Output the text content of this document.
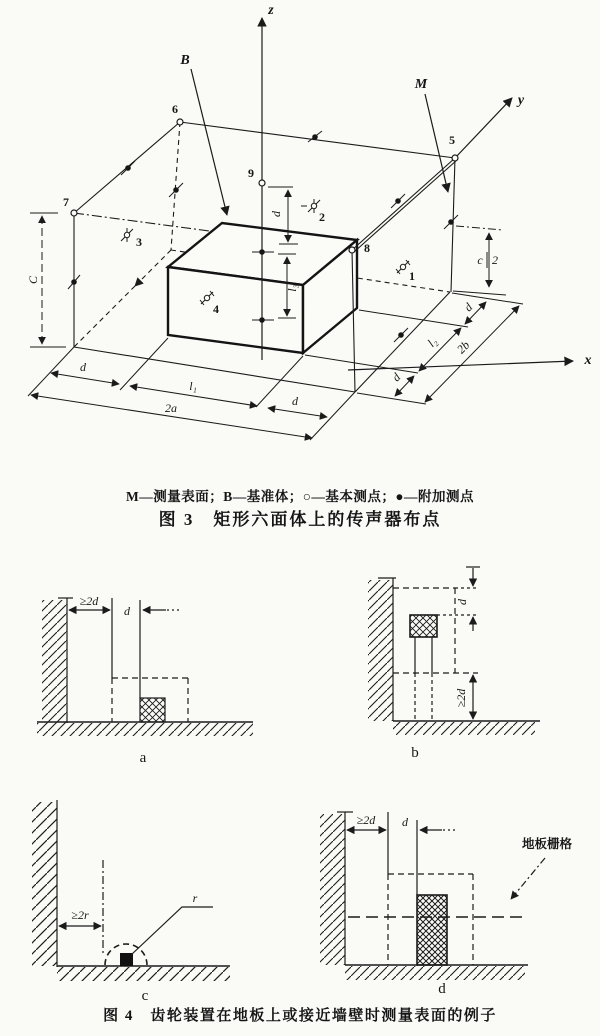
z
y
x
B
M
5
6
7
8
9
1
2
3
4
C
d
l₃
c 2
d
l₁
d
2a
d
l₂
d
2b
M—测量表面；B—基准体；○—基本测点；●—附加测点
图 3　矩形六面体上的传声器布点
≥2d
d
a
d
≥2d
b
≥2r
r
c
≥2d d
地板栅格
d
图 4　齿轮装置在地板上或接近墙壁时测量表面的例子
